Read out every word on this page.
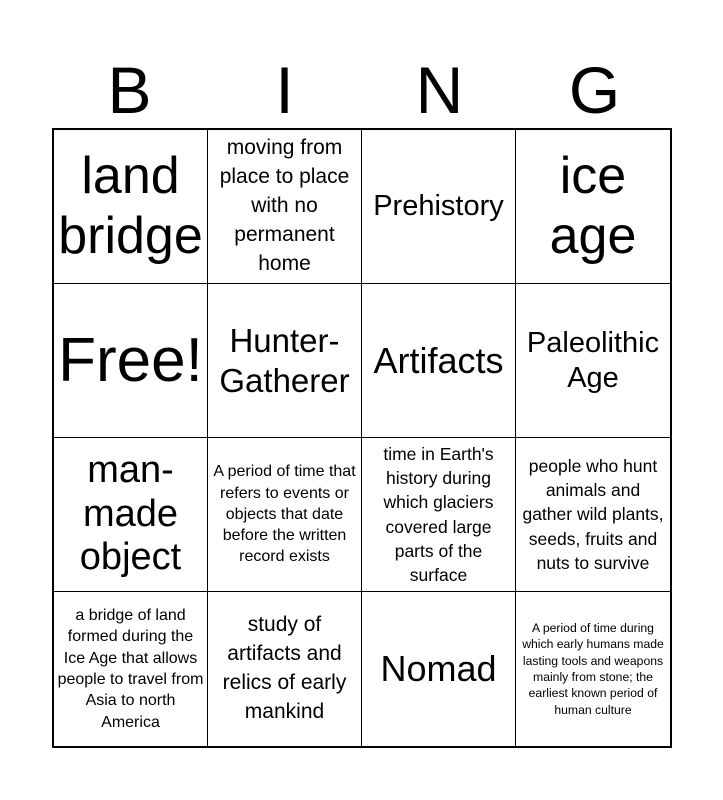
B	I	N	G
land bridge
moving from place to place with no permanent home
Prehistory
ice age
Free! Hunter-Gatherer Artifacts Paleolithic Age
man-made object
A period of time that refers to events or objects that date before the written record exists
time in Earth's history during which glaciers covered large parts of the surface
people who hunt animals and gather wild plants, seeds, fruits and nuts to survive
a bridge of land formed during the Ice Age that allows people to travel from Asia to north America
study of artifacts and relics of early mankind
Nomad
A period of time during which early humans made lasting tools and weapons mainly from stone; the earliest known period of human culture
